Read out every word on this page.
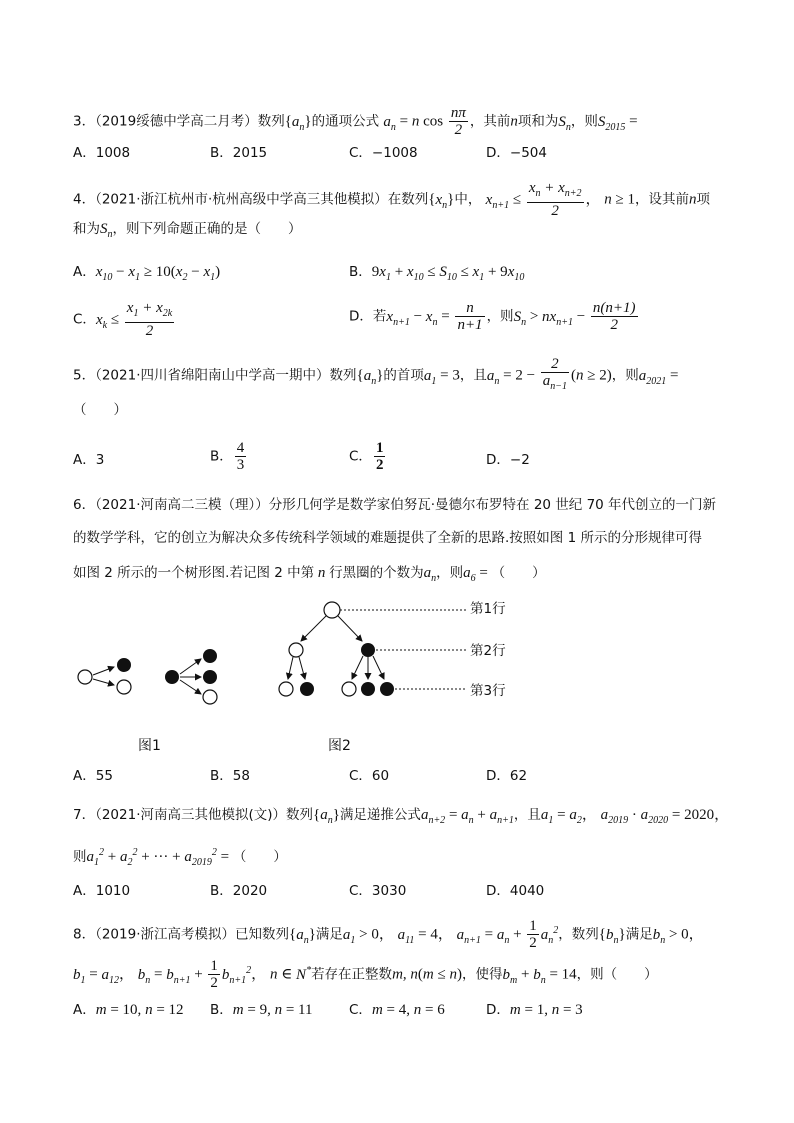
3．（2019绥德中学高二月考）数列$\{a_n\}$的通项公式 $a_n = n$ $\cos \frac{n\pi}{2}$ ，其前n项和为$S_n$，则$S_{2015}$ =
A．1008	B．2015	C．−1008	D．−504
4．（2021·浙江杭州市·杭州高级中学高三其他模拟）在数列$\{x_n\}$中， $x_{n+1} \le \frac{x_n + x_{n+2}}{2}$ ， n ≥ 1，设其前n项
和为$S_n$，则下列命题正确的是（　　）
A．$x_{10} - x_1 \ge 10(x_2 - x_1)$	B．$9x_1 + x_{10} \le S_{10} \le x_1 + 9x_{10}$
C．$x_k \le \frac{x_1 + x_{2k}}{2}$	D．若$x_{n+1} - x_n = \frac{n}{n+1}$ ，则$S_n > nx_{n+1} - \frac{n(n+1)}{2}$
5．（2021·四川省绵阳南山中学高一期中）数列$\{a_n\}$的首项$a_1 = 3$，且$a_n = 2 - \frac{2}{a_{n-1}} (n \ge 2)$，则$a_{2021}$ =
（　　）
A．3	B． $\frac{4}{3}$	C． $\frac{1}{2}$	D．−2
6．（2021·河南高二三模（理））分形几何学是数学家伯努瓦·曼德尔布罗特在 20 世纪 70 年代创立的一门新
的数学学科，它的创立为解决众多传统科学领域的难题提供了全新的思路.按照如图 1 所示的分形规律可得
如图 2 所示的一个树形图.若记图 2 中第 n 行黑圈的个数为$a_n$，则$a_6$ = （　　）
第1行
第2行
第3行
图1	图2
A．55	B．58	C．60	D．62
7．（2021·河南高三其他模拟(文)）数列$\{a_n\}$满足递推公式$a_{n+2} = a_n + a_{n+1}$，且$a_1 = a_2$， $a_{2019} \cdot a_{2020} = 2020$，
则$a_1^2 + a_2^2$ + ··· + $a_{2019}^2$ = （　　）
A．1010	B．2020	C．3030	D．4040
8．（2019·浙江高考模拟）已知数列$\{a_n\}$满足$a_1 > 0$， $a_{11} = 4$， $a_{n+1} = a_n + \frac{1}{2} a_n^2$，数列$\{b_n\}$满足$b_n > 0$，
$b_1 = a_{12}$， $b_n = b_{n+1} + \frac{1}{2} b_{n+1}^2$， n ∈ N*若存在正整数m, n(m ≤ n)，使得$b_m + b_n = 14$，则（　　）
A．m = 10, n = 12 B．m = 9, n = 11	C．m = 4, n = 6	D．m = 1, n = 3
